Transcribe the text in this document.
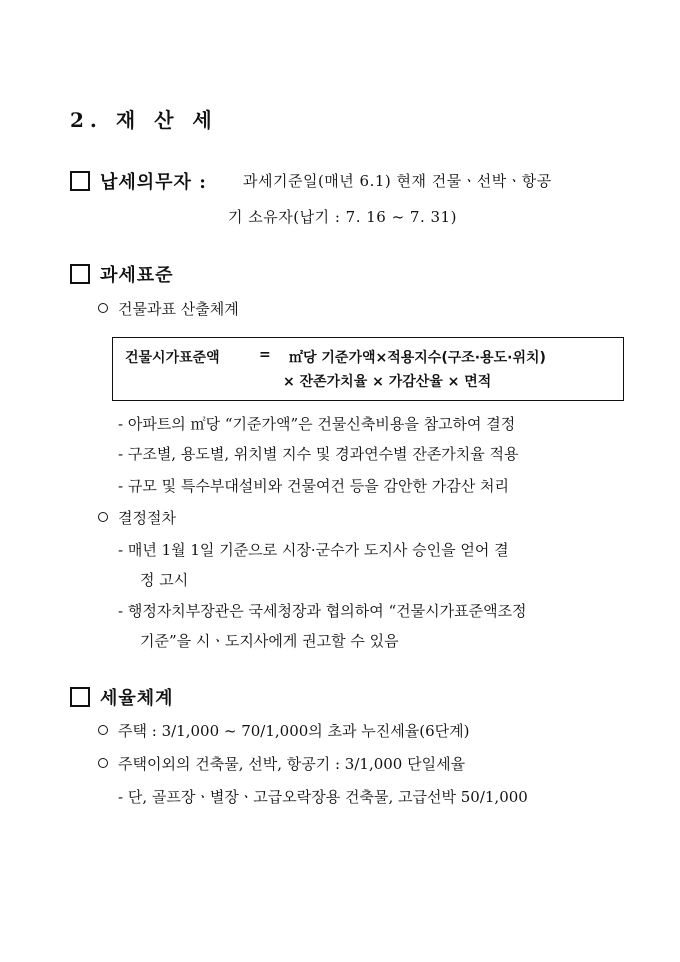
2. 재 산 세
납세의무자 : 과세기준일(매년 6.1) 현재 건물ㆍ선박ㆍ항공
기 소유자(납기 : 7. 16 ~ 7. 31)
과세표준
건물과표 산출체계
건물시가표준액	= ㎡당 기준가액×적용지수(구조·용도·위치)
× 잔존가치율 × 가감산율 × 면적
- 아파트의 ㎡당 “기준가액”은 건물신축비용을 참고하여 결정
- 구조별, 용도별, 위치별 지수 및 경과연수별 잔존가치율 적용
- 규모 및 특수부대설비와 건물여건 등을 감안한 가감산 처리
결정절차
- 매년 1월 1일 기준으로 시장·군수가 도지사 승인을 얻어 결
정 고시
- 행정자치부장관은 국세청장과 협의하여 “건물시가표준액조정
기준”을 시ㆍ도지사에게 권고할 수 있음
세율체계
주택 : 3/1,000 ~ 70/1,000의 초과 누진세율(6단계)
주택이외의 건축물, 선박, 항공기 : 3/1,000 단일세율
- 단, 골프장ㆍ별장ㆍ고급오락장용 건축물, 고급선박 50/1,000
